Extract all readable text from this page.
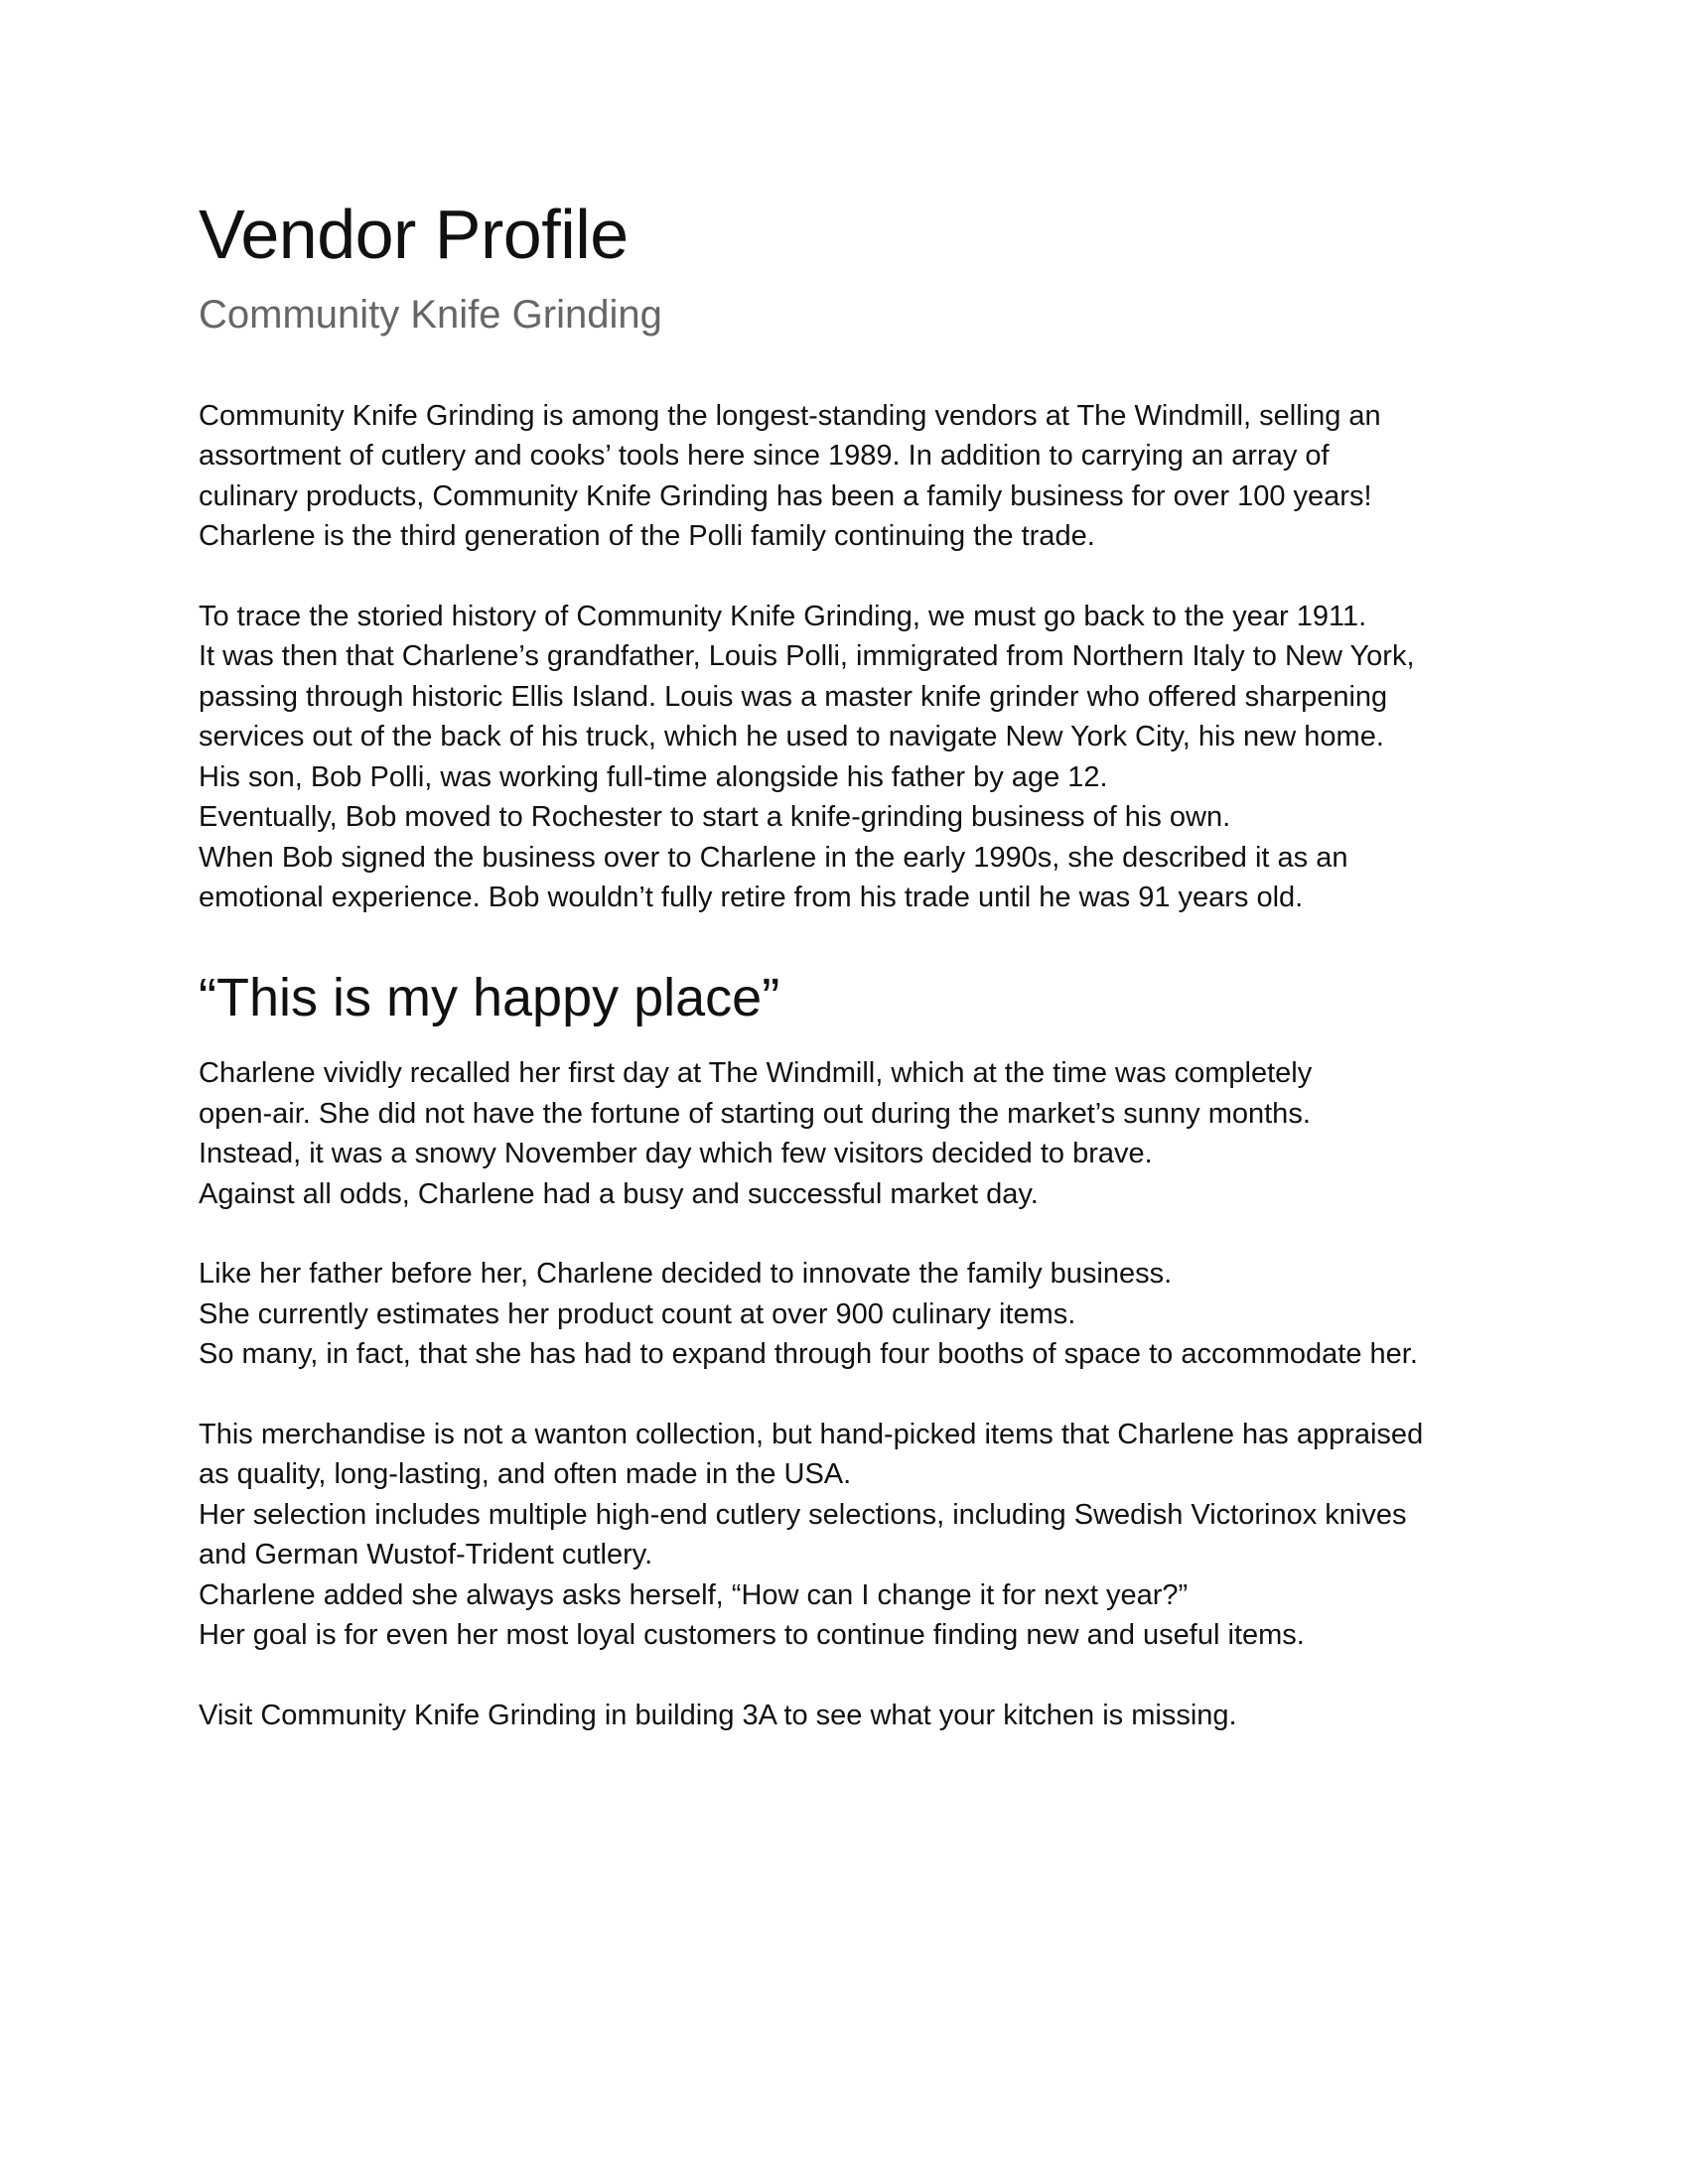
Vendor Profile
Community Knife Grinding

Community Knife Grinding is among the longest-standing vendors at The Windmill, selling an
assortment of cutlery and cooks’ tools here since 1989. In addition to carrying an array of
culinary products, Community Knife Grinding has been a family business for over 100 years!
Charlene is the third generation of the Polli family continuing the trade.

To trace the storied history of Community Knife Grinding, we must go back to the year 1911.
It was then that Charlene’s grandfather, Louis Polli, immigrated from Northern Italy to New York,
passing through historic Ellis Island. Louis was a master knife grinder who offered sharpening
services out of the back of his truck, which he used to navigate New York City, his new home.
His son, Bob Polli, was working full-time alongside his father by age 12.
Eventually, Bob moved to Rochester to start a knife-grinding business of his own.
When Bob signed the business over to Charlene in the early 1990s, she described it as an
emotional experience. Bob wouldn’t fully retire from his trade until he was 91 years old.

“This is my happy place”

Charlene vividly recalled her first day at The Windmill, which at the time was completely
open-air. She did not have the fortune of starting out during the market’s sunny months.
Instead, it was a snowy November day which few visitors decided to brave.
Against all odds, Charlene had a busy and successful market day.

Like her father before her, Charlene decided to innovate the family business.
She currently estimates her product count at over 900 culinary items.
So many, in fact, that she has had to expand through four booths of space to accommodate her.

This merchandise is not a wanton collection, but hand-picked items that Charlene has appraised
as quality, long-lasting, and often made in the USA.
Her selection includes multiple high-end cutlery selections, including Swedish Victorinox knives
and German Wustof-Trident cutlery.
Charlene added she always asks herself, “How can I change it for next year?”
Her goal is for even her most loyal customers to continue finding new and useful items.

Visit Community Knife Grinding in building 3A to see what your kitchen is missing.
